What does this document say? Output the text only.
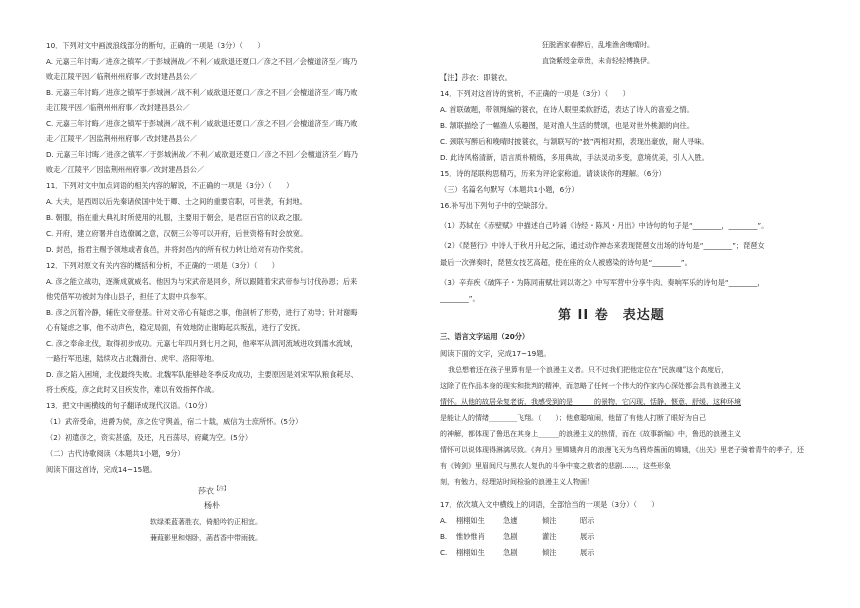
10．下列对文中画波浪线部分的断句，正确的一项是（3分）（　　）
A. 元嘉三年讨晦／进彦之镇军／于彭城洲战／不利／咸欲退还夏口／彦之不回／会檀道济至／晦乃
败走江陵平因／临荆州州府事／改封建昌县公／
B. 元嘉三年讨晦／进彦之镇军于彭城洲／战不利／咸欲退还夏口／彦之不回／会檀道济至／晦乃败
走江陵平因／临荆州州府事／改封建昌县公／
C. 元嘉三年讨晦／进彦之镇军于彭城洲／战不利／咸欲退还夏口／彦之不回／会檀道济至／晦乃败
走／江陵平／因监荆州州府事／改封建昌县公／
D. 元嘉三年讨晦／进彦之镇军／于彭城洲战／不利／咸欲退还夏口／彦之不回／会檀道济至／晦乃
败走／江陵平／因监荆州州府事／改封建昌县公／
11．下列对文中加点词语的相关内容的解说，不正确的一项是（3分）（　　）
A. 大夫，是西周以后先秦诸侯国中处于卿、士之间的重要官职，可世袭，有封地。
B. 朝服，指在重大典礼时所使用的礼服，主要用于朝会，是君臣百官的议政之服。
C. 开府，建立府署并自选僚属之意，汉朝三公等可以开府，后世资格有时会放宽。
D. 封邑，指君主赐予领地或者食邑，并将封邑内的所有权力转让给对有功作奖赏。
12．下列对原文有关内容的概括和分析，不正确的一项是（3分）（　　）
A. 彦之能立战功，逐渐成就威名。他因为与宋武帝是同乡，所以跟随着宋武帝参与讨伐孙恩；后来
他凭借军功被封为俳山县子，担任了太尉中兵参军。
B. 彦之沉着冷静，辅佐文帝登基。针对文帝心有疑虑之事，他剖析了形势，进行了劝导；针对谢晦
心有疑虑之事，他不动声色，稳定局面，有效地防止谢晦起兵叛乱，进行了安抚。
C. 彦之奉命北伐，取得初步成功。元嘉七年四月到七月之间，他率军从泗河流域进攻到濡水流域，
一路行军迅速，陆续攻占北魏滑台、虎牢、洛阳等地。
D. 彦之陷入困境，北伐最终失败。北魏军队能够趁冬季反攻成功，主要原因是刘宋军队粮食耗尽、
将士疾疫，彦之此时又目疾发作，难以有效指挥作战。
13．把文中画横线的句子翻译成现代汉语。（10分）
（1）武帝受命，进爵为侯，彦之佐守舆盖，宿二十载，威信为士庶所怀。(5分）
（2）初遣彦之，资实甚盛，及还，凡百荡尽，府藏为空。(5分）
（二）古代诗歌阅读（本题共1小题，9分）
阅读下面这首诗，完成14~15题。
莎衣$^{【注】}$
杨朴
软绿柔蓝著胜衣，倚船吟钓正相宜。
蒹葭影里和烟卧，菡萏香中带雨披。
狂脱酒家春醉后，乱堆渔舍晚晴时。
直饶紫绶金章贵，未肯轻轻博换伊。
【注】莎衣：即蓑衣。
14．下列对这首诗的赏析，不正确的一项是（3分）（　　）
A. 首联破题，带领绳编的蓑衣，在诗人眼里柔软舒适，表达了诗人的喜爱之情。
B. 颔联描绘了一幅渔人乐趣图，是对渔人生活的赞颂，也是对世外桃源的向往。
C. 颈联写醉后和晚晴时披蓑衣，与颔联写的“披”两相对照，表现出豪放，耐人寻味。
D. 此诗风格清新，语言质朴精炼，多用典故，手法灵动多变，意境优美，引人入胜。
15．诗的尾联构思精巧，历来为评论家称道。请谈谈你的理解。（6分）
（三）名篇名句默写（本题共1小题，6分）
16.补写出下列句子中的空缺部分。
（1）苏轼在《赤壁赋》中描述自己吟诵《诗经・陈风・月出》中诗句的句子是“________，________”。
（2）《琵琶行》中诗人于秋月升起之际，通过动作神态来表现琵琶女出场的诗句是“________”；琵琶女
最后一次弹奏时，琵琶女技艺高超，使在座的众人被感染的诗句是“________”。
（3）辛弃疾《破阵子・为陈同甫赋壮词以寄之》中写军营中分享牛肉、奏响军乐的诗句是“________，
________”。
第 II 卷　表达题
三、语言文字运用（20分）
阅读下面的文字，完成17~19题。
我总想着还在孩子里算有是一个浪漫主义者。只不过我们把他定位在“民族魂”这个高度后，
这除了佐作品本身的现实和批判的精神，而忽略了任何一个伟大的作家内心深处都会具有浪漫主义
情怀。从他的故居朵复老街，我感受到的是______的景物，它闪现、恬静、惬意、舒缓，这种环境
是能让人的情绪________飞翔。（　　）；他愈聪喧闹，他留了有他人打断了眼好为自己
的神解，都体现了鲁迅在其身上______的浪漫主义的热情，而在《故事新编》中，鲁迅的浪漫主义
情怀可以说体现得淋漓尽致。《奔月》里嫦娥奔月的浪漫飞天为鸟鸦炸酱面的嫦娥，《出关》里老子骑着青牛的孝子，还
有《铸剑》里眉间尺与黑衣人复仇的斗争中宴之敖者的悲剧……，这些形象
刻，有勉力，经理站时间检验的浪漫主义人物画！
17．依次填入文中横线上的词语，全部恰当的一项是（3分）（　　）
A. 栩栩如生	急遽	倾注	昭示
B. 惟妙惟肖	急剧	灌注	展示
C. 栩栩如生	急剧	倾注	展示
